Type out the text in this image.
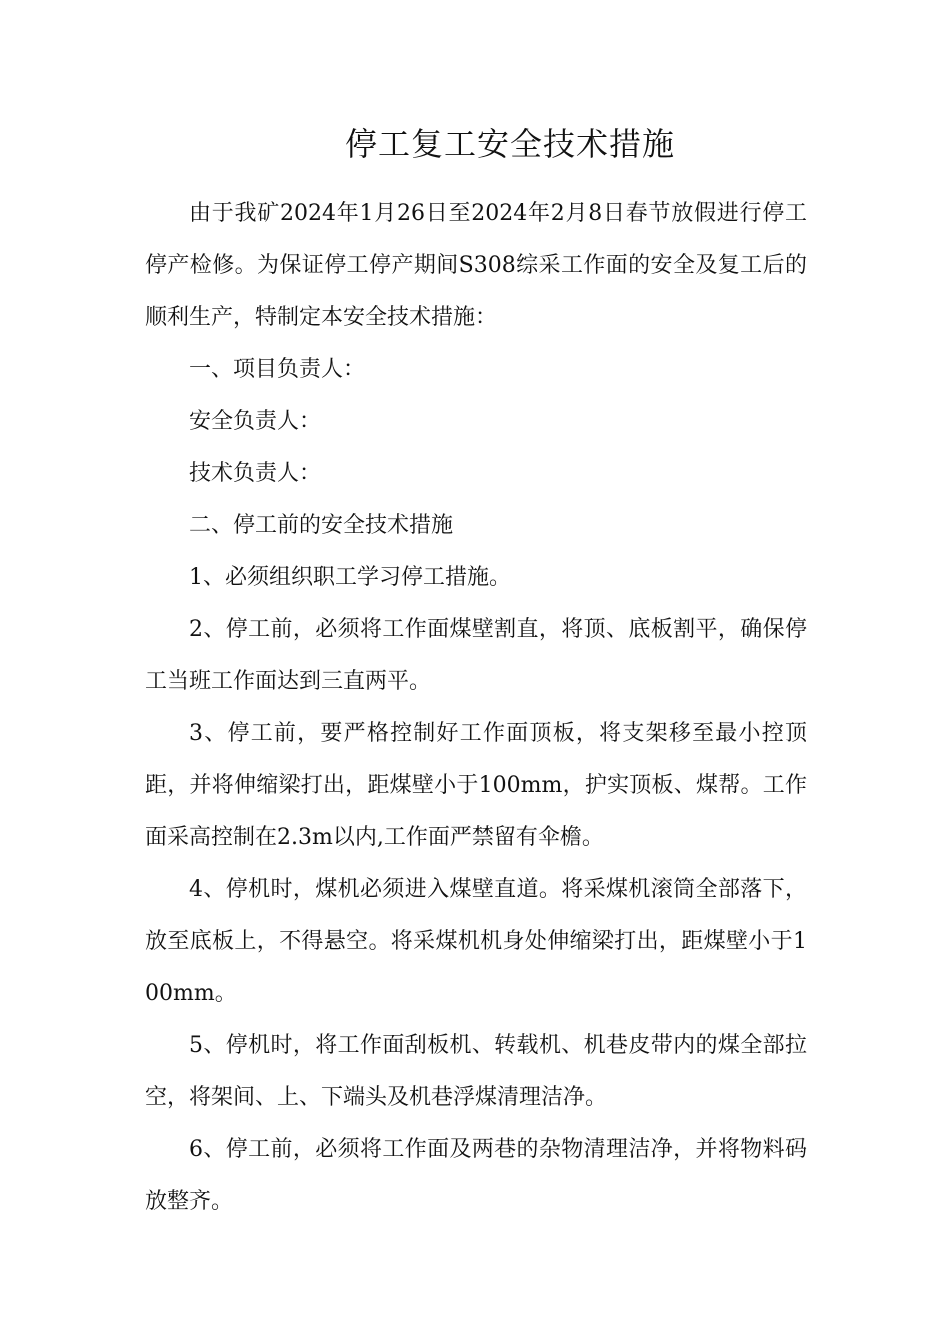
停工复工安全技术措施

由于我矿2024年1月26日至2024年2月8日春节放假进行停工停产检修。为保证停工停产期间S308综采工作面的安全及复工后的顺利生产，特制定本安全技术措施：

一、项目负责人：

安全负责人：

技术负责人：

二、停工前的安全技术措施

1、必须组织职工学习停工措施。

2、停工前，必须将工作面煤壁割直，将顶、底板割平，确保停工当班工作面达到三直两平。

3、停工前，要严格控制好工作面顶板，将支架移至最小控顶距，并将伸缩梁打出，距煤壁小于100mm，护实顶板、煤帮。工作面采高控制在2.3m以内,工作面严禁留有伞檐。

4、停机时，煤机必须进入煤壁直道。将采煤机滚筒全部落下，放至底板上，不得悬空。将采煤机机身处伸缩梁打出，距煤壁小于100mm。

5、停机时，将工作面刮板机、转载机、机巷皮带内的煤全部拉空，将架间、上、下端头及机巷浮煤清理洁净。

6、停工前，必须将工作面及两巷的杂物清理洁净，并将物料码放整齐。
